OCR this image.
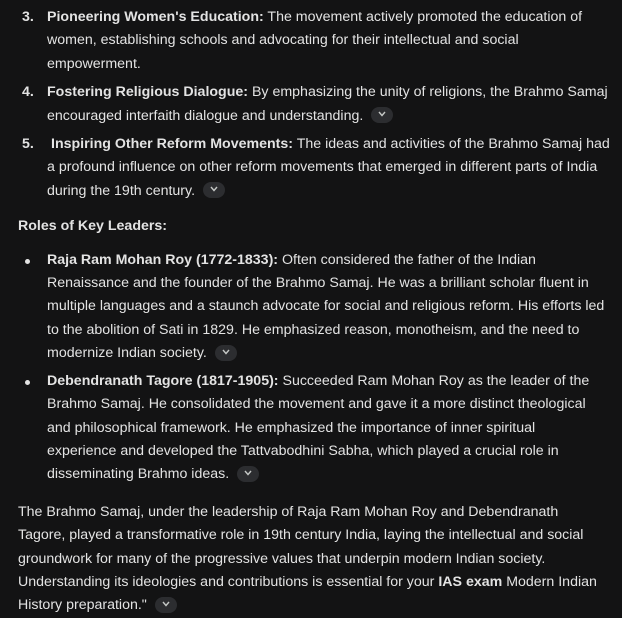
3. Pioneering Women's Education: The movement actively promoted the education of women, establishing schools and advocating for their intellectual and social empowerment.
4. Fostering Religious Dialogue: By emphasizing the unity of religions, the Brahmo Samaj encouraged interfaith dialogue and understanding.
5. Inspiring Other Reform Movements: The ideas and activities of the Brahmo Samaj had a profound influence on other reform movements that emerged in different parts of India during the 19th century.
Roles of Key Leaders:
Raja Ram Mohan Roy (1772-1833): Often considered the father of the Indian Renaissance and the founder of the Brahmo Samaj. He was a brilliant scholar fluent in multiple languages and a staunch advocate for social and religious reform. His efforts led to the abolition of Sati in 1829. He emphasized reason, monotheism, and the need to modernize Indian society.
Debendranath Tagore (1817-1905): Succeeded Ram Mohan Roy as the leader of the Brahmo Samaj. He consolidated the movement and gave it a more distinct theological and philosophical framework. He emphasized the importance of inner spiritual experience and developed the Tattvabodhini Sabha, which played a crucial role in disseminating Brahmo ideas.
The Brahmo Samaj, under the leadership of Raja Ram Mohan Roy and Debendranath Tagore, played a transformative role in 19th century India, laying the intellectual and social groundwork for many of the progressive values that underpin modern Indian society. Understanding its ideologies and contributions is essential for your IAS exam Modern Indian History preparation."
